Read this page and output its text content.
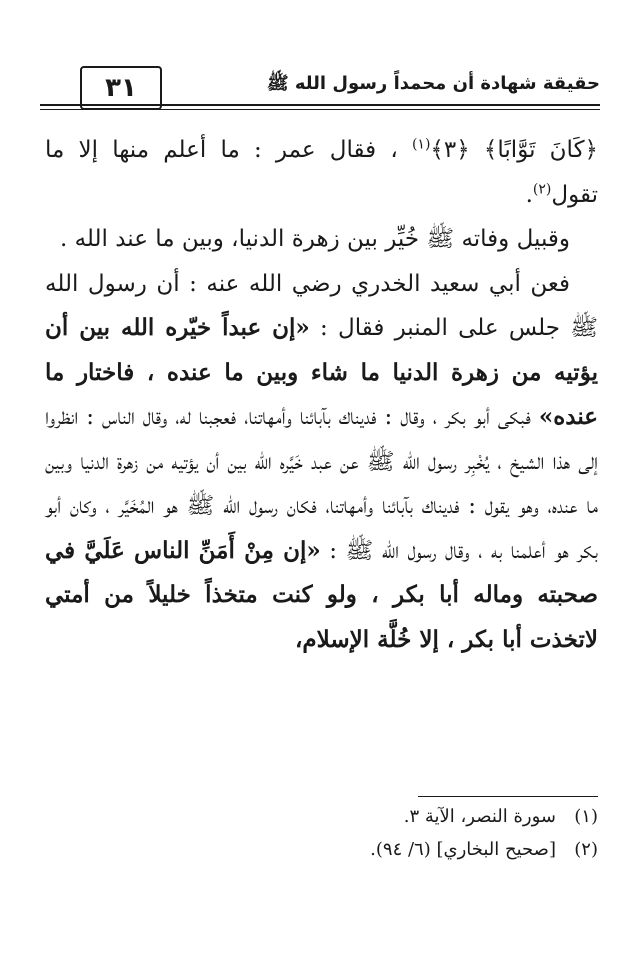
٣١	حقيقة شهادة أن محمداً رسول الله ﷺ

﴿كَانَ تَوَّابًا﴾ ﴿٣﴾$^{(١)}$ ، فقال عمر : ما أعلم منها إلا ما تقول$^{(٢)}$.

وقبيل وفاته ﷺ خُيِّر بين زهرة الدنيا، وبين ما عند الله .

فعن أبي سعيد الخدري رضي الله عنه : أن رسول الله ﷺ جلس على المنبر فقال : «إن عبداً خيّره الله بين أن يؤتيه من زهرة الدنيا ما شاء وبين ما عنده ، فاختار ما عنده» فبكى أبو بكر ، وقال : فديناك بآبائنا وأمهاتنا، فعجبنا له، وقال الناس : انظروا إلى هذا الشيخ ، يُخْبِر رسول الله ﷺ عن عبد خَيَّره الله بين أن يؤتيه من زهرة الدنيا وبين ما عنده، وهو يقول : فديناك بآبائنا وأمهاتنا، فكان رسول الله ﷺ هو المُخَيَّر ، وكان أبو بكر هو أعلمنا به ، وقال رسول الله ﷺ : «إن مِنْ أَمَنِّ الناس عَلَيَّ في صحبته وماله أبا بكر ، ولو كنت متخذاً خليلاً من أمتي لاتخذت أبا بكر ، إلا خُلَّة الإسلام،

(١)
سورة النصر، الآية ٣.
(٢)
[صحيح البخاري] (٦/ ٩٤).
